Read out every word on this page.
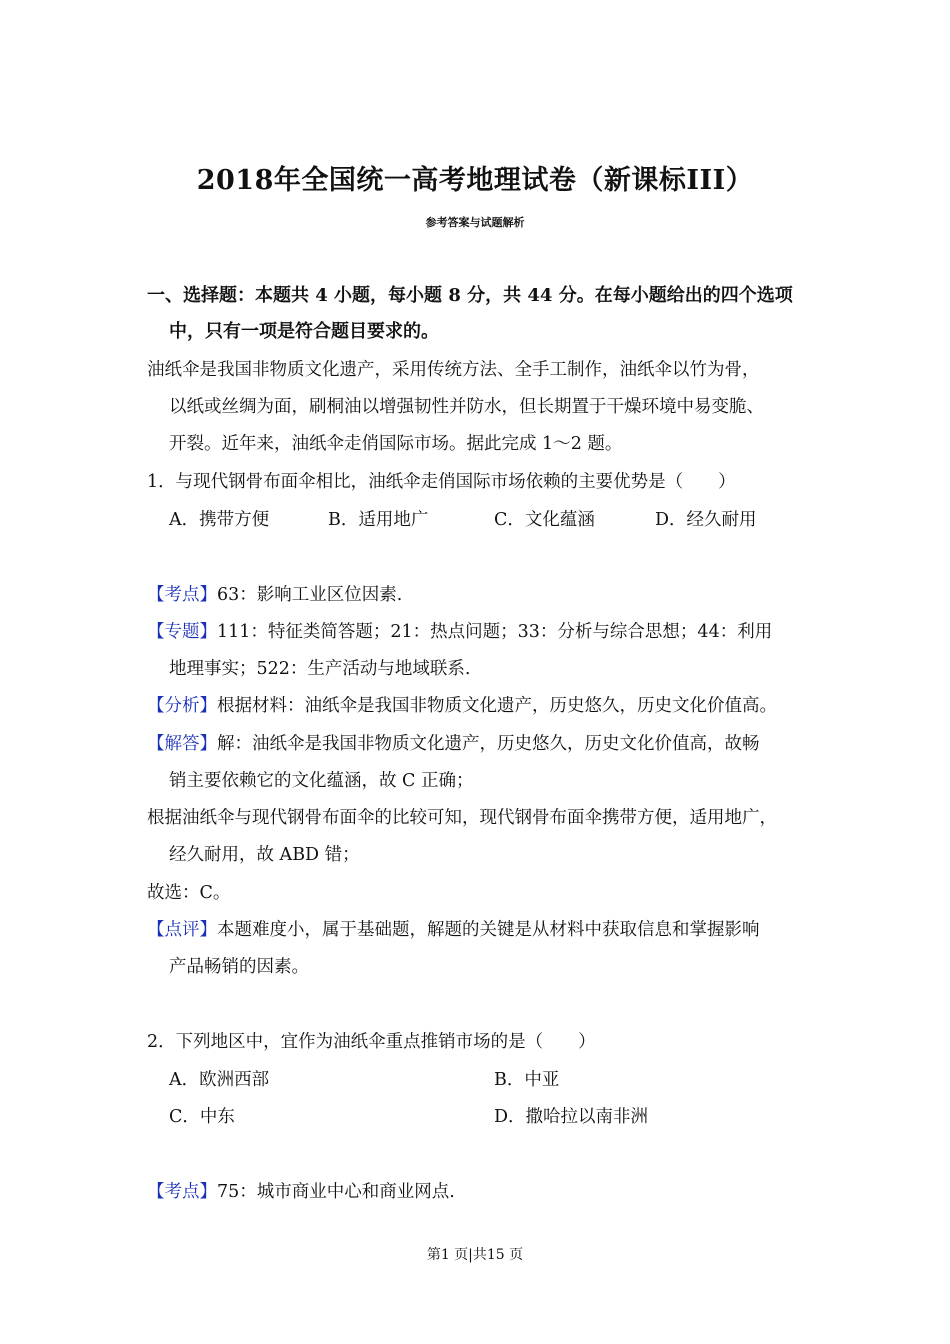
2018年全国统一高考地理试卷（新课标III）
参考答案与试题解析
一、选择题：本题共 4 小题，每小题 8 分，共 44 分。在每小题给出的四个选项
中，只有一项是符合题目要求的。
油纸伞是我国非物质文化遗产，采用传统方法、全手工制作，油纸伞以竹为骨，
以纸或丝绸为面，刷桐油以增强韧性并防水，但长期置于干燥环境中易变脆、
开裂。近年来，油纸伞走俏国际市场。据此完成 1～2 题。
1．与现代钢骨布面伞相比，油纸伞走俏国际市场依赖的主要优势是（　　）
A．携带方便	B．适用地广	C．文化蕴涵	D．经久耐用
【考点】63：影响工业区位因素.
【专题】111：特征类简答题；21：热点问题；33：分析与综合思想；44：利用
地理事实；522：生产活动与地域联系.
【分析】根据材料：油纸伞是我国非物质文化遗产，历史悠久，历史文化价值高。
【解答】解：油纸伞是我国非物质文化遗产，历史悠久，历史文化价值高，故畅
销主要依赖它的文化蕴涵，故 C 正确；
根据油纸伞与现代钢骨布面伞的比较可知，现代钢骨布面伞携带方便，适用地广，
经久耐用，故 ABD 错；
故选：C。
【点评】本题难度小，属于基础题，解题的关键是从材料中获取信息和掌握影响
产品畅销的因素。
2．下列地区中，宜作为油纸伞重点推销市场的是（　　）
A．欧洲西部	B．中亚
C．中东	D．撒哈拉以南非洲
【考点】75：城市商业中心和商业网点.
第1 页|共15 页
